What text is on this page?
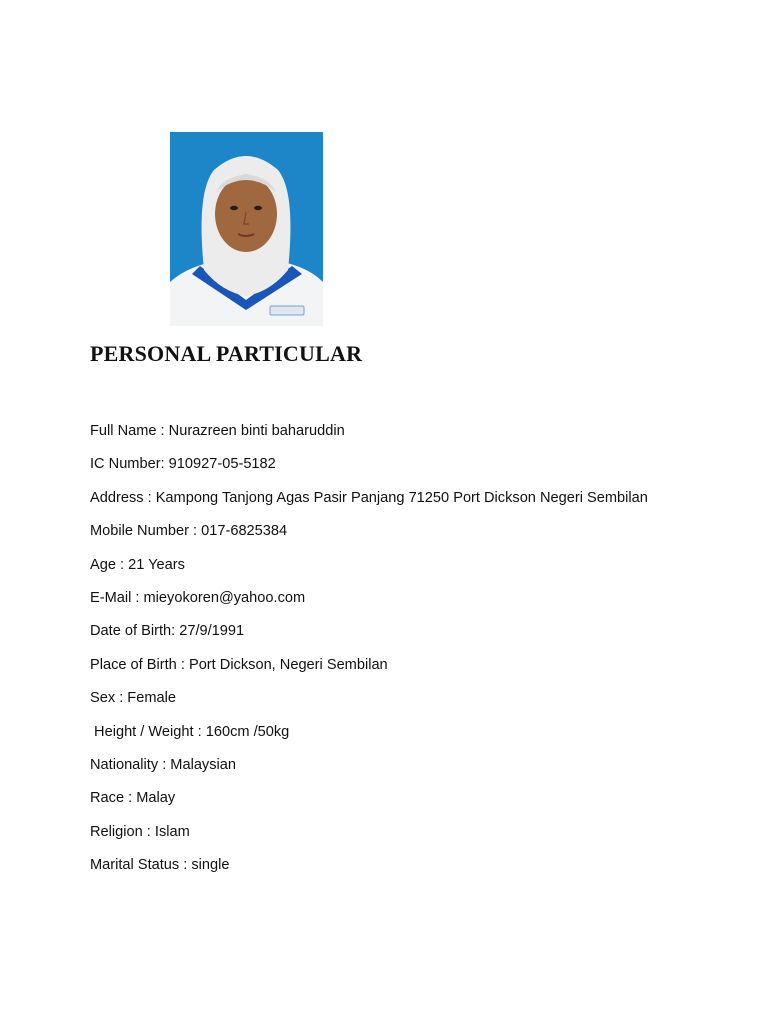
PERSONAL PARTICULAR
Full Name : Nurazreen binti baharuddin
IC Number: 910927-05-5182
Address : Kampong Tanjong Agas Pasir Panjang 71250 Port Dickson Negeri Sembilan
Mobile Number : 017-6825384
Age : 21 Years
E-Mail : mieyokoren@yahoo.com
Date of Birth: 27/9/1991
Place of Birth : Port Dickson, Negeri Sembilan
Sex : Female
Height / Weight : 160cm /50kg
Nationality : Malaysian
Race : Malay
Religion : Islam
Marital Status : single
